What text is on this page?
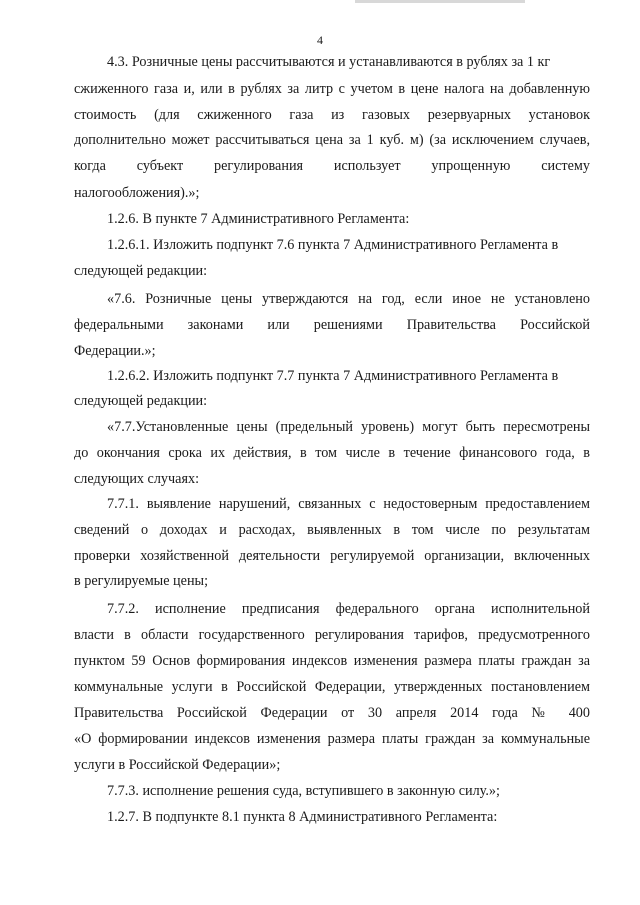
4
4.3. Розничные цены рассчитываются и устанавливаются в рублях за 1 кг
сжиженного газа и, или в рублях за литр с учетом в цене налога на добавленную
стоимость (для сжиженного газа из газовых резервуарных установок
дополнительно может рассчитываться цена за 1 куб. м) (за исключением случаев,
когда субъект регулирования использует упрощенную систему
налогообложения).»;
1.2.6. В пункте 7 Административного Регламента:
1.2.6.1. Изложить подпункт 7.6 пункта 7 Административного Регламента в
следующей редакции:
«7.6. Розничные цены утверждаются на год, если иное не установлено
федеральными законами или решениями Правительства Российской
Федерации.»;
1.2.6.2. Изложить подпункт 7.7 пункта 7 Административного Регламента в
следующей редакции:
«7.7.Установленные цены (предельный уровень) могут быть пересмотрены
до окончания срока их действия, в том числе в течение финансового года, в
следующих случаях:
7.7.1. выявление нарушений, связанных с недостоверным предоставлением
сведений о доходах и расходах, выявленных в том числе по результатам
проверки хозяйственной деятельности регулируемой организации, включенных
в регулируемые цены;
7.7.2. исполнение предписания федерального органа исполнительной
власти в области государственного регулирования тарифов, предусмотренного
пунктом 59 Основ формирования индексов изменения размера платы граждан за
коммунальные услуги в Российской Федерации, утвержденных постановлением
Правительства Российской Федерации от 30 апреля 2014 года № 400
«О формировании индексов изменения размера платы граждан за коммунальные
услуги в Российской Федерации»;
7.7.3. исполнение решения суда, вступившего в законную силу.»;
1.2.7. В подпункте 8.1 пункта 8 Административного Регламента:
